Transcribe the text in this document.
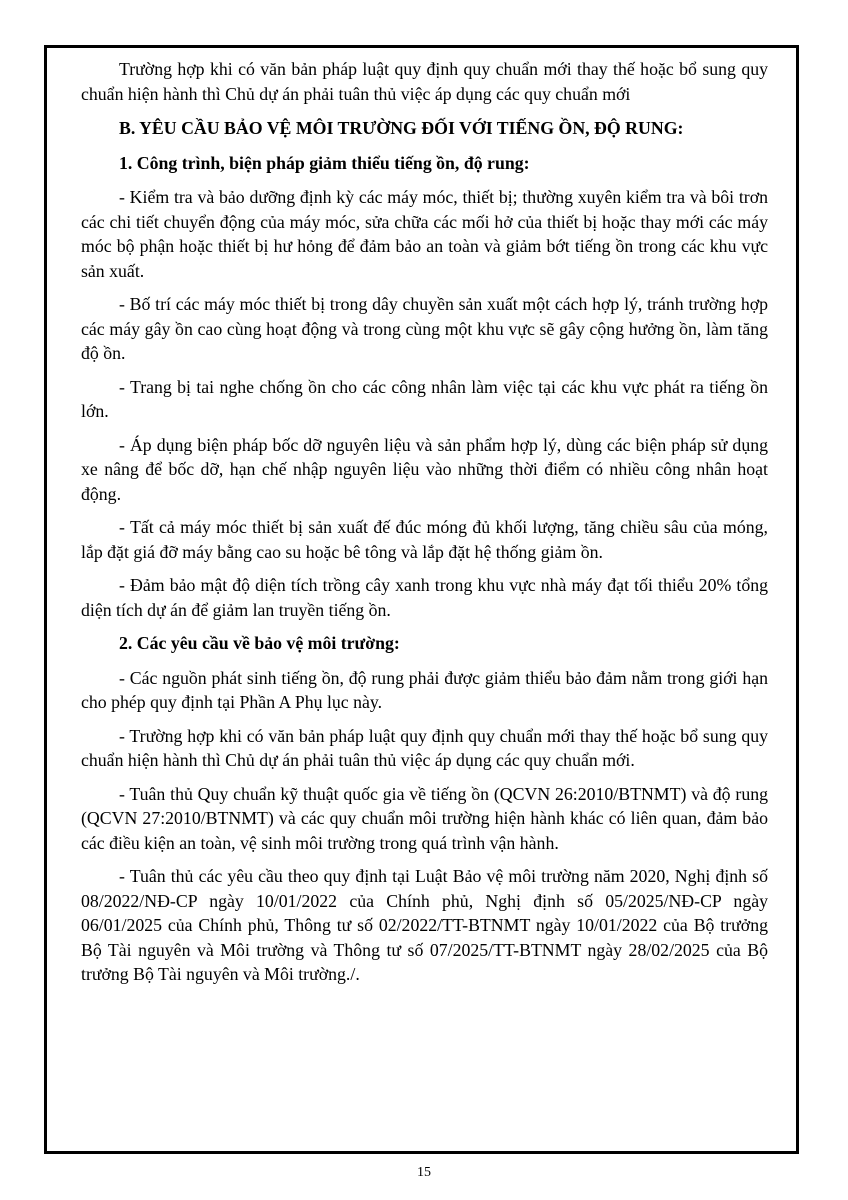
Trường hợp khi có văn bản pháp luật quy định quy chuẩn mới thay thế hoặc bổ sung quy chuẩn hiện hành thì Chủ dự án phải tuân thủ việc áp dụng các quy chuẩn mới

B. YÊU CẦU BẢO VỆ MÔI TRƯỜNG ĐỐI VỚI TIẾNG ỒN, ĐỘ RUNG:

1. Công trình, biện pháp giảm thiểu tiếng ồn, độ rung:

- Kiểm tra và bảo dưỡng định kỳ các máy móc, thiết bị; thường xuyên kiểm tra và bôi trơn các chi tiết chuyển động của máy móc, sửa chữa các mối hở của thiết bị hoặc thay mới các máy móc bộ phận hoặc thiết bị hư hỏng để đảm bảo an toàn và giảm bớt tiếng ồn trong các khu vực sản xuất.

- Bố trí các máy móc thiết bị trong dây chuyền sản xuất một cách hợp lý, tránh trường hợp các máy gây ồn cao cùng hoạt động và trong cùng một khu vực sẽ gây cộng hưởng ồn, làm tăng độ ồn.

- Trang bị tai nghe chống ồn cho các công nhân làm việc tại các khu vực phát ra tiếng ồn lớn.

- Áp dụng biện pháp bốc dỡ nguyên liệu và sản phẩm hợp lý, dùng các biện pháp sử dụng xe nâng để bốc dỡ, hạn chế nhập nguyên liệu vào những thời điểm có nhiều công nhân hoạt động.

- Tất cả máy móc thiết bị sản xuất đế đúc móng đủ khối lượng, tăng chiều sâu của móng, lắp đặt giá đỡ máy bằng cao su hoặc bê tông và lắp đặt hệ thống giảm ồn.

- Đảm bảo mật độ diện tích trồng cây xanh trong khu vực nhà máy đạt tối thiểu 20% tổng diện tích dự án để giảm lan truyền tiếng ồn.

2. Các yêu cầu về bảo vệ môi trường:

- Các nguồn phát sinh tiếng ồn, độ rung phải được giảm thiểu bảo đảm nằm trong giới hạn cho phép quy định tại Phần A Phụ lục này.

- Trường hợp khi có văn bản pháp luật quy định quy chuẩn mới thay thế hoặc bổ sung quy chuẩn hiện hành thì Chủ dự án phải tuân thủ việc áp dụng các quy chuẩn mới.

- Tuân thủ Quy chuẩn kỹ thuật quốc gia về tiếng ồn (QCVN 26:2010/BTNMT) và độ rung (QCVN 27:2010/BTNMT) và các quy chuẩn môi trường hiện hành khác có liên quan, đảm bảo các điều kiện an toàn, vệ sinh môi trường trong quá trình vận hành.

- Tuân thủ các yêu cầu theo quy định tại Luật Bảo vệ môi trường năm 2020, Nghị định số 08/2022/NĐ-CP ngày 10/01/2022 của Chính phủ, Nghị định số 05/2025/NĐ-CP ngày 06/01/2025 của Chính phủ, Thông tư số 02/2022/TT-BTNMT ngày 10/01/2022 của Bộ trưởng Bộ Tài nguyên và Môi trường và Thông tư số 07/2025/TT-BTNMT ngày 28/02/2025 của Bộ trưởng Bộ Tài nguyên và Môi trường./.

15
